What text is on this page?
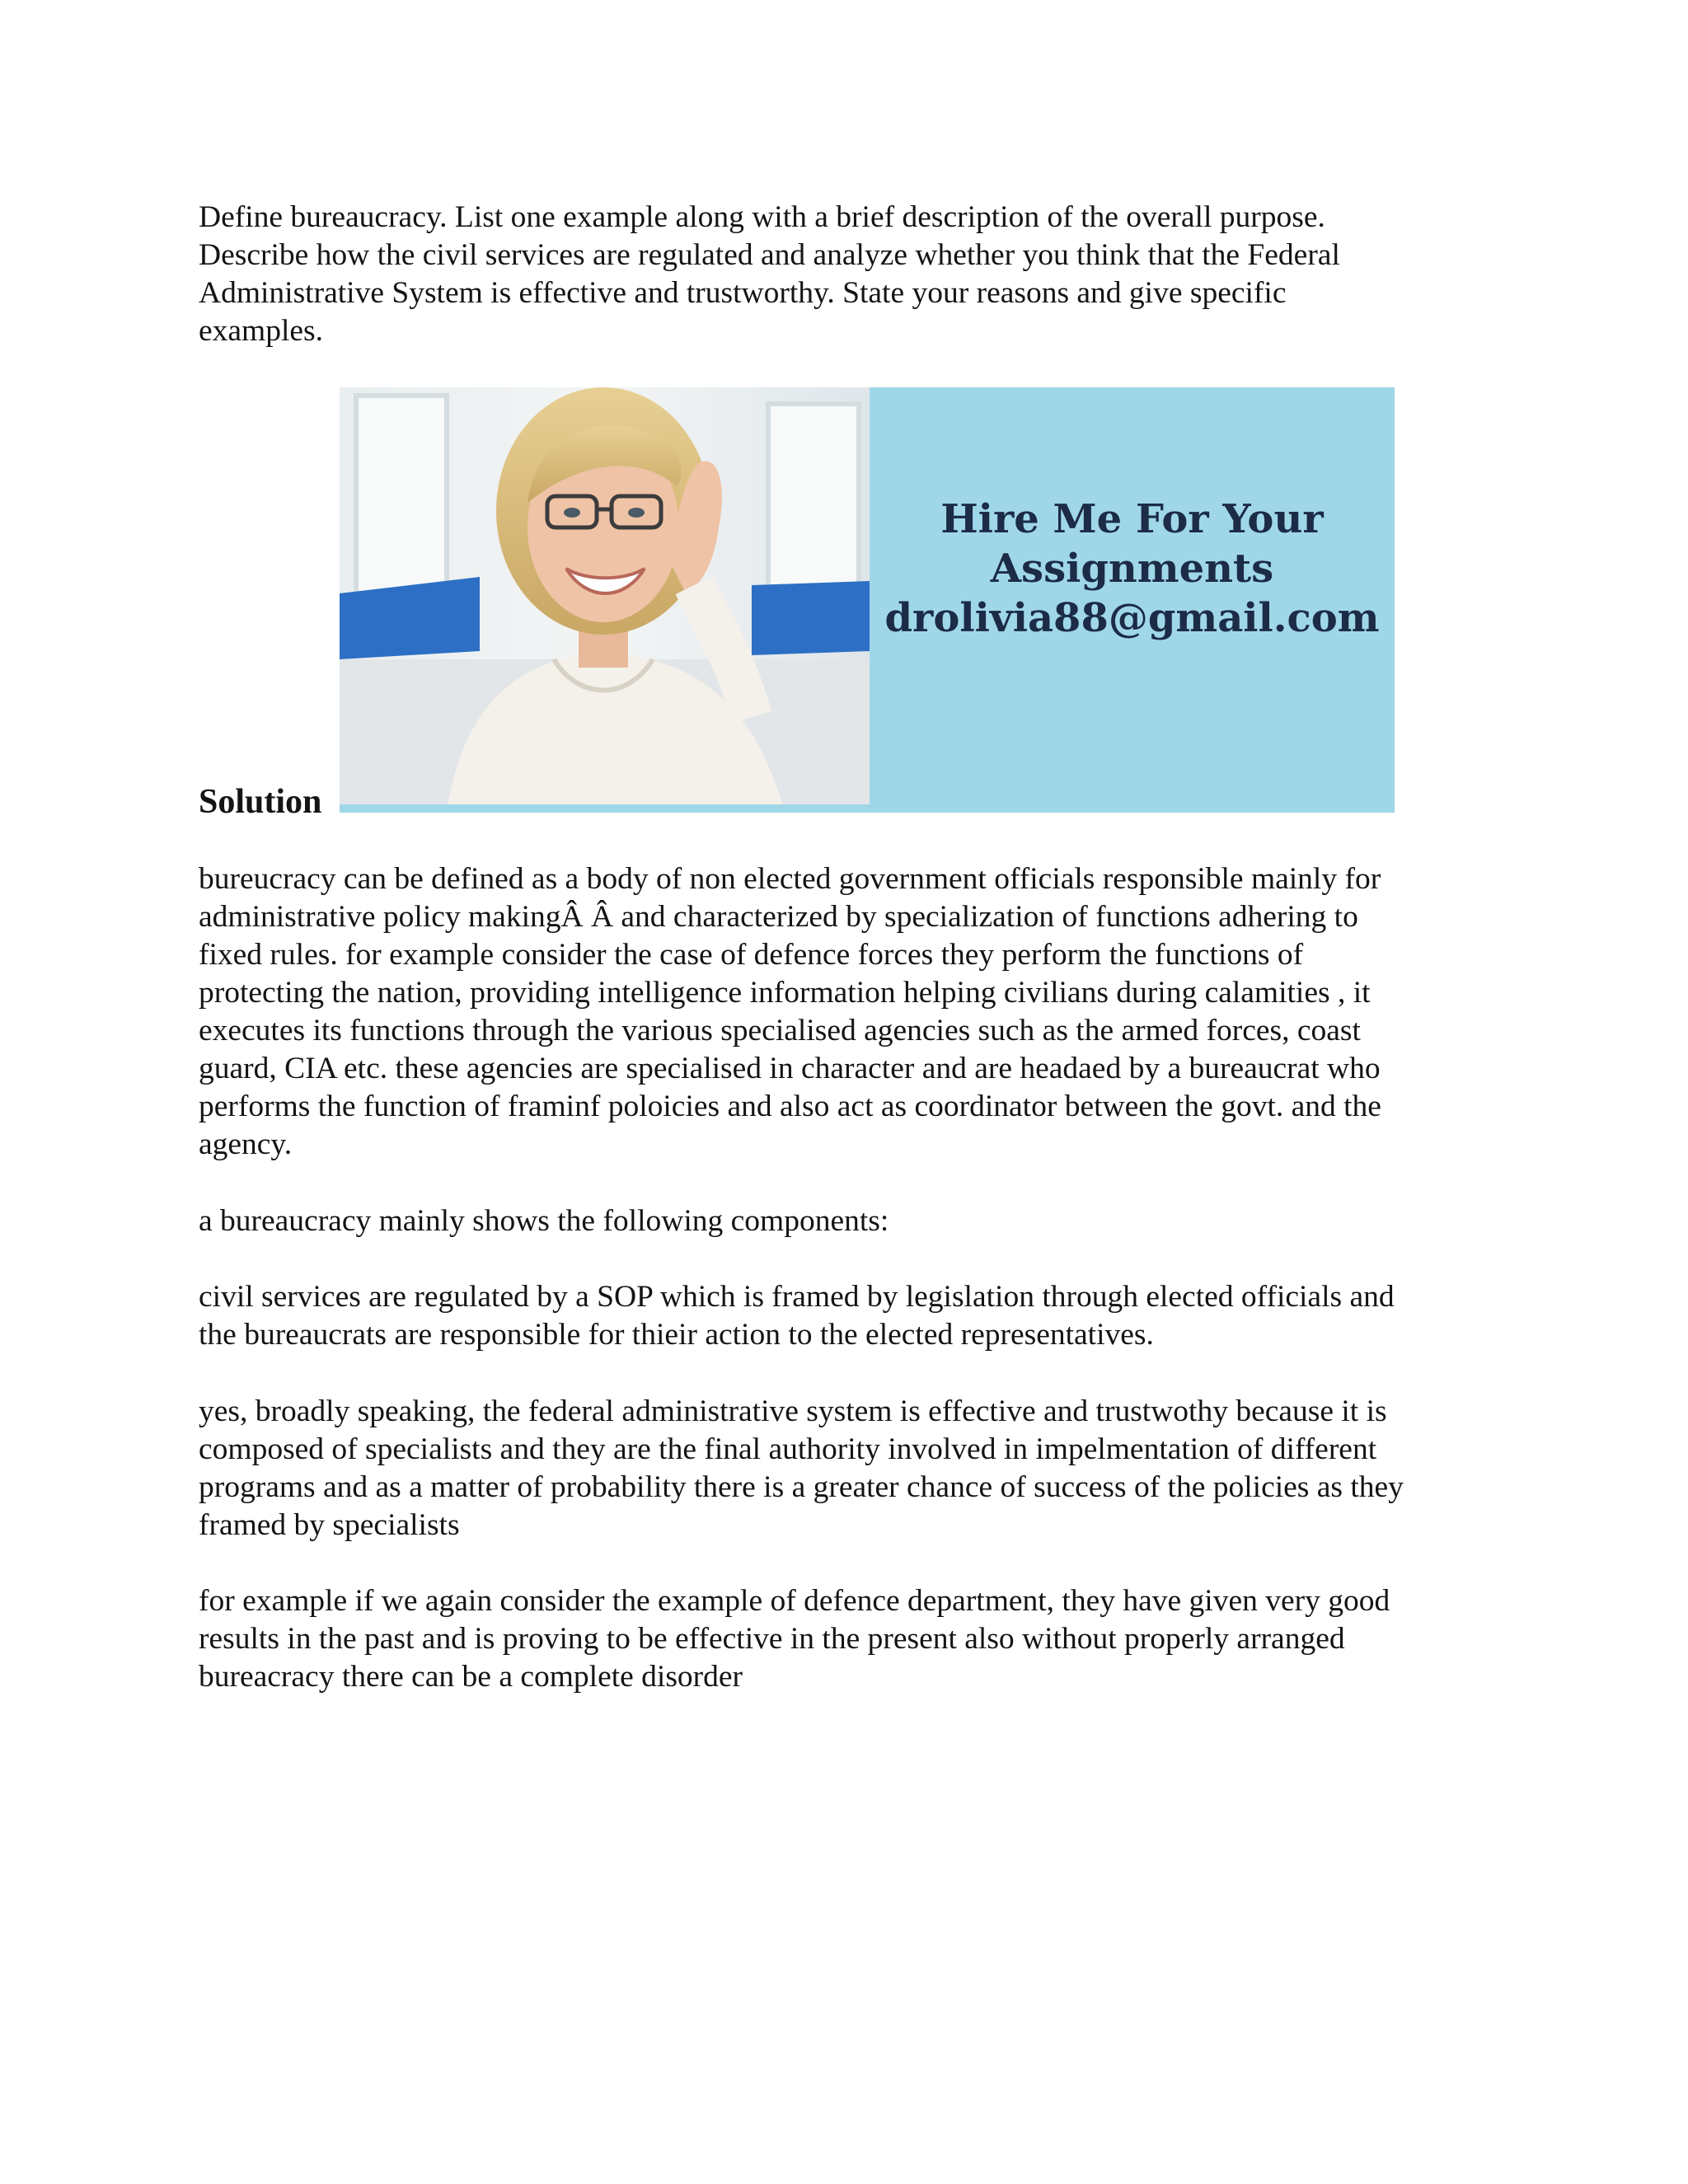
Define bureaucracy. List one example along with a brief description of the overall purpose.
Describe how the civil services are regulated and analyze whether you think that the Federal
Administrative System is effective and trustworthy. State your reasons and give specific
examples.

Hire Me For Your
Assignments
drolivia88@gmail.com
Solution

bureucracy can be defined as a body of non elected government officials responsible mainly for
administrative policy makingÂ Â and characterized by specialization of functions adhering to
fixed rules. for example consider the case of defence forces they perform the functions of
protecting the nation, providing intelligence information helping civilians during calamities , it
executes its functions through the various specialised agencies such as the armed forces, coast
guard, CIA etc. these agencies are specialised in character and are headaed by a bureaucrat who
performs the function of framinf poloicies and also act as coordinator between the govt. and the
agency.

a bureaucracy mainly shows the following components:

civil services are regulated by a SOP which is framed by legislation through elected officials and
the bureaucrats are responsible for thieir action to the elected representatives.

yes, broadly speaking, the federal administrative system is effective and trustwothy because it is
composed of specialists and they are the final authority involved in impelmentation of different
programs and as a matter of probability there is a greater chance of success of the policies as they
framed by specialists

for example if we again consider the example of defence department, they have given very good
results in the past and is proving to be effective in the present also without properly arranged
bureacracy there can be a complete disorder
